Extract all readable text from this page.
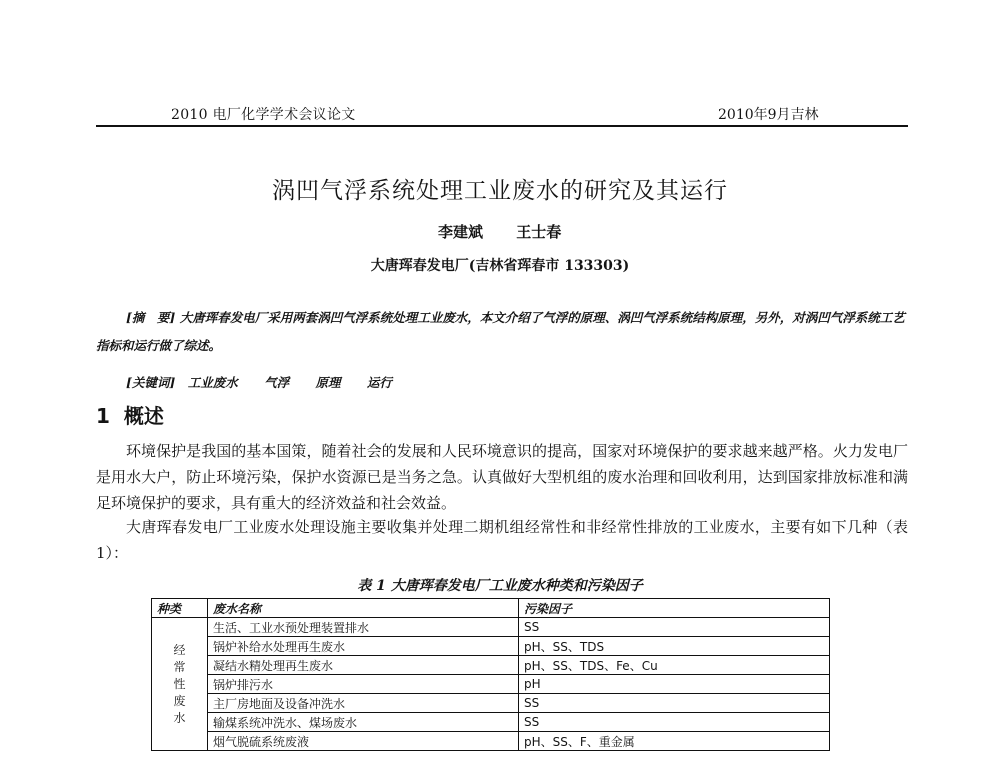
2010 电厂化学学术会议论文	2010年9月吉林
涡凹气浮系统处理工业废水的研究及其运行
李建斌 王士春
大唐珲春发电厂(吉林省珲春市 133303)
[摘　要] 大唐珲春发电厂采用两套涡凹气浮系统处理工业废水，本文介绍了气浮的原理、涡凹气浮系统结构原理，另外，对涡凹气浮系统工艺指标和运行做了综述。
[关键词] 工业废水 气浮 原理 运行
1 概述
环境保护是我国的基本国策，随着社会的发展和人民环境意识的提高，国家对环境保护的要求越来越严格。火力发电厂是用水大户，防止环境污染，保护水资源已是当务之急。认真做好大型机组的废水治理和回收利用，达到国家排放标准和满足环境保护的要求，具有重大的经济效益和社会效益。
大唐珲春发电厂工业废水处理设施主要收集并处理二期机组经常性和非经常性排放的工业废水，主要有如下几种（表 1）：
表 1 大唐珲春发电厂工业废水种类和污染因子
种类	废水名称	污染因子

经
常
性
废
水	生活、工业水预处理装置排水	SS
	锅炉补给水处理再生废水	pH、SS、TDS
	凝结水精处理再生废水	pH、SS、TDS、Fe、Cu
	锅炉排污水	pH
	主厂房地面及设备冲洗水	SS
	输煤系统冲洗水、煤场废水	SS
	烟气脱硫系统废液	pH、SS、F、重金属
